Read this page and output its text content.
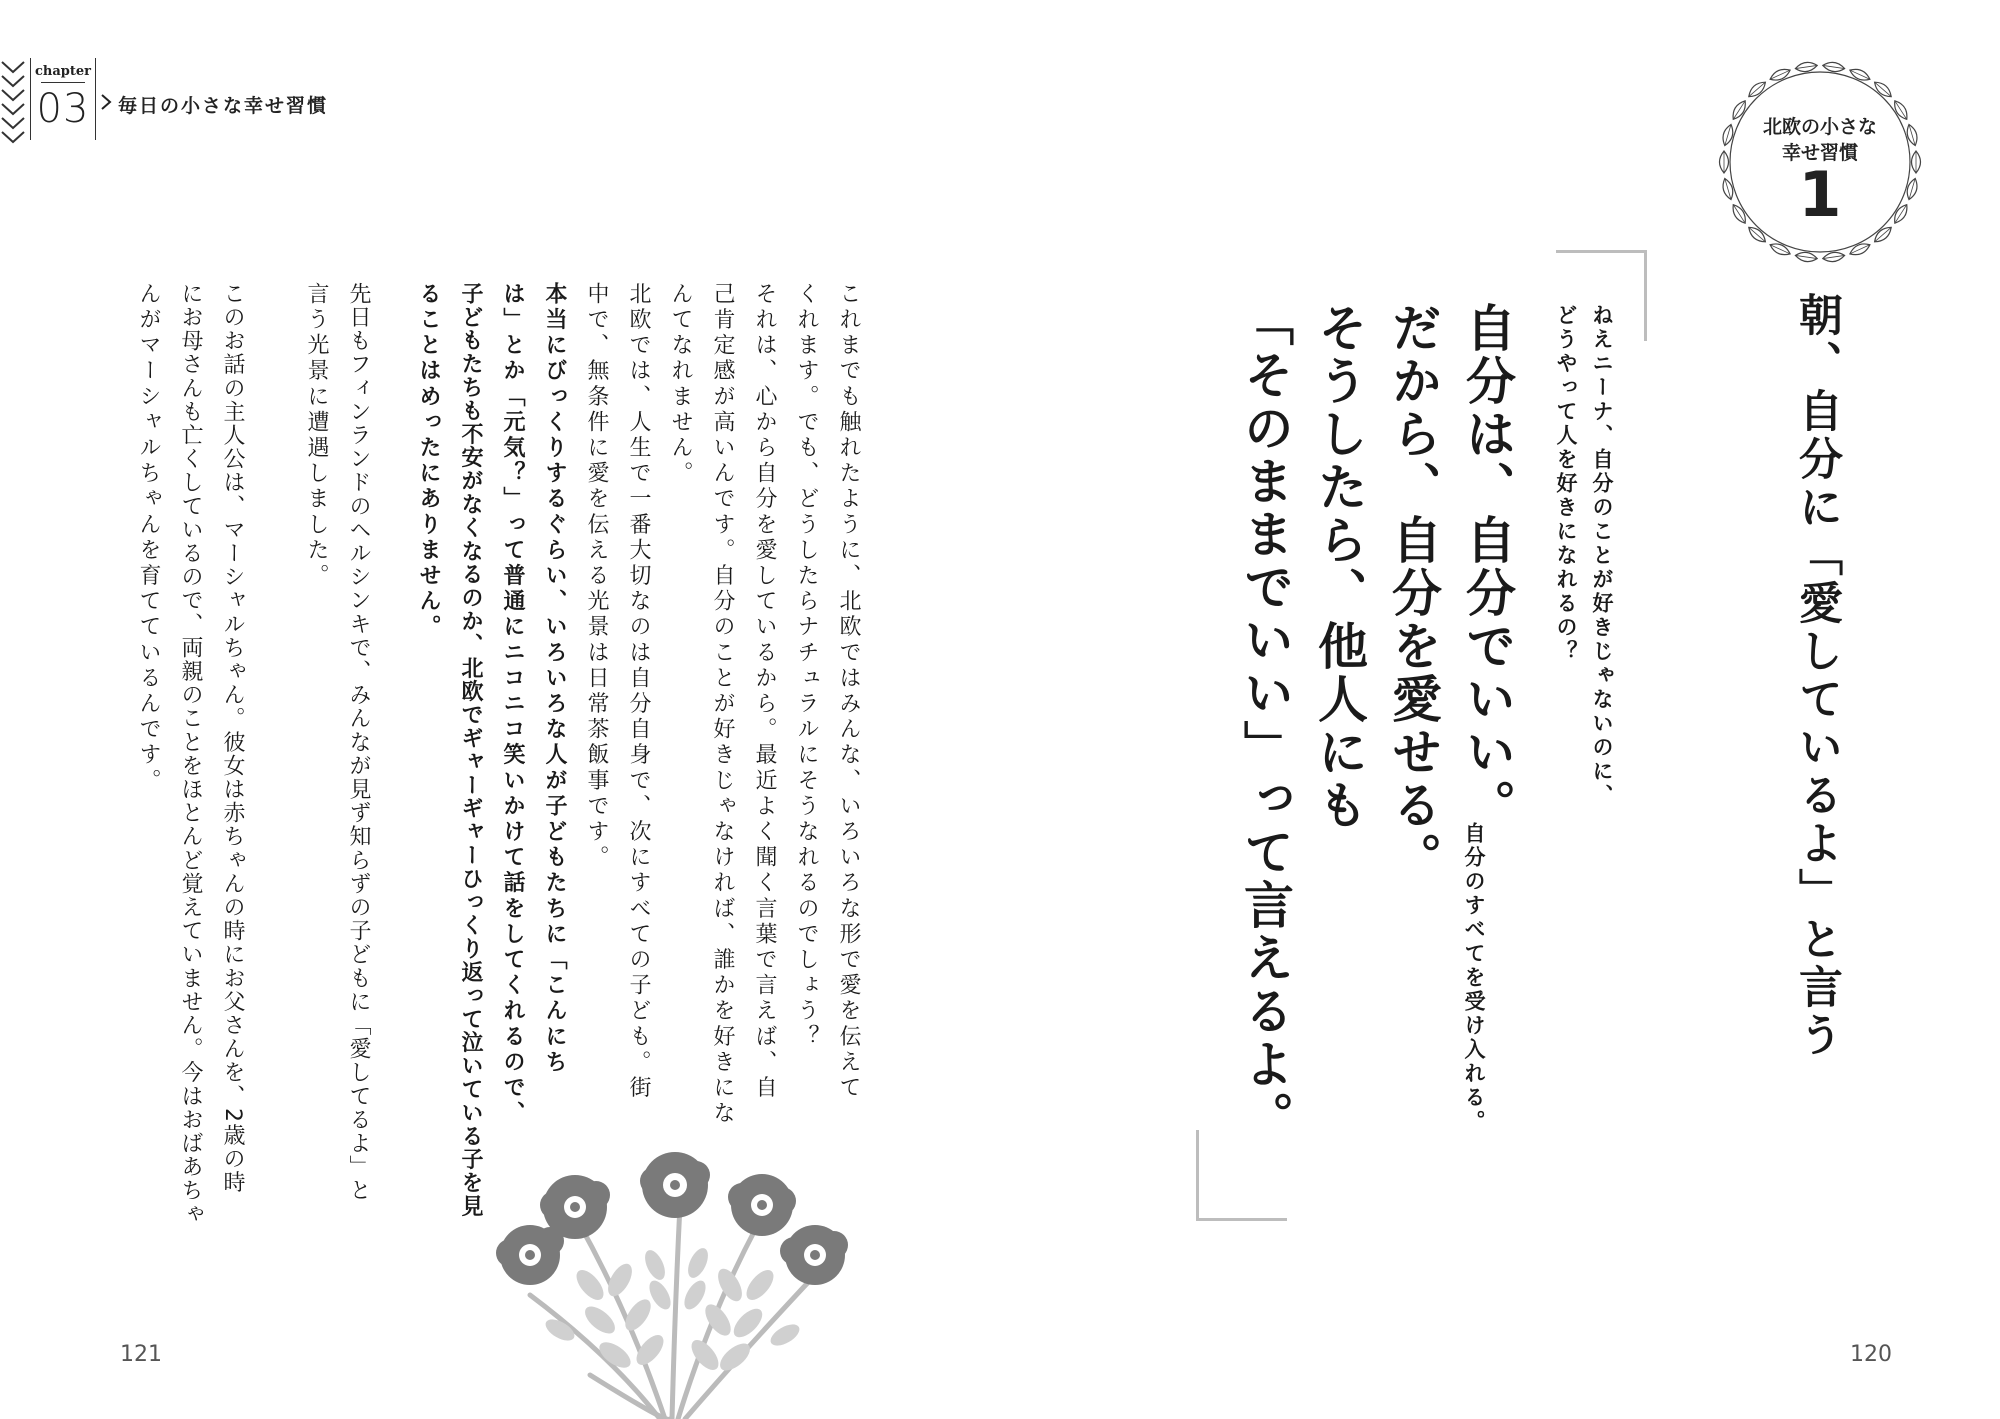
chapter
03 毎日の小さな幸せ習慣
北欧の小さな
幸せ習慣
1
朝、自分に「愛しているよ」と言う
ねえニーナ、自分のことが好きじゃないのに、
どうやって人を好きになれるの？
自分は、自分でいい。
自分のすべてを受け入れる。
だから、自分を愛せる。
そうしたら、他人にも
「そのままでいい」って言えるよ。
これまでも触れたように、北欧ではみんな、いろいろな形で愛を伝えて
くれます。でも、どうしたらナチュラルにそうなれるのでしょう？
それは、心から自分を愛しているから。最近よく聞く言葉で言えば、自
己肯定感が高いんです。自分のことが好きじゃなければ、誰かを好きにな
んてなれません。
北欧では、人生で一番大切なのは自分自身で、次にすべての子ども。街
中で、無条件に愛を伝える光景は日常茶飯事です。
本当にびっくりするぐらい、いろいろな人が子どもたちに「こんにち
は」とか「元気？」って普通にニコニコ笑いかけて話をしてくれるので、
子どもたちも不安がなくなるのか、北欧でギャーギャーひっくり返って泣いている子を見
ることはめったにありません。
先日もフィンランドのヘルシンキで、みんなが見ず知らずの子どもに「愛してるよ」と
言う光景に遭遇しました。
このお話の主人公は、マーシャルちゃん。彼女は赤ちゃんの時にお父さんを、2歳の時
にお母さんも亡くしているので、両親のことをほとんど覚えていません。今はおばあちゃ
んがマーシャルちゃんを育てているんです。
121	120
